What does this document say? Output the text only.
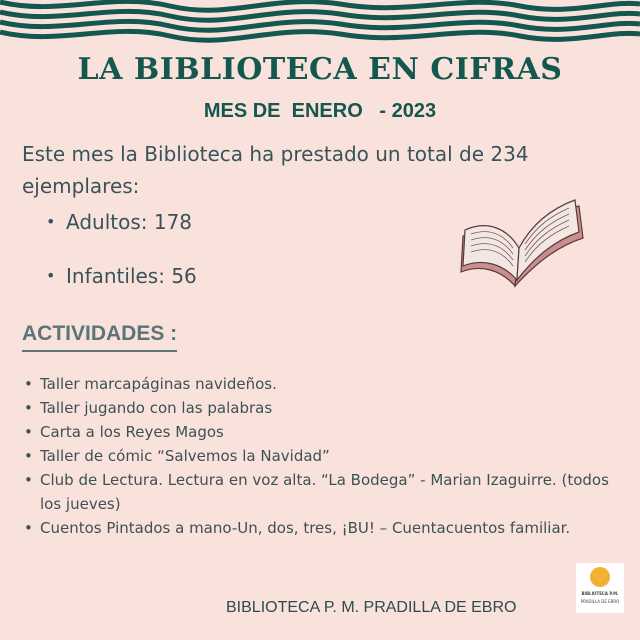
LA BIBLIOTECA EN CIFRAS
MES DE  ENERO   - 2023
Este mes la Biblioteca ha prestado un total de 234 ejemplares:
• Adultos: 178
• Infantiles: 56
ACTIVIDADES :
• Taller marcapáginas navideños.
• Taller jugando con las palabras
• Carta a los Reyes Magos
• Taller de cómic “Salvemos la Navidad”
• Club de Lectura. Lectura en voz alta. “La Bodega” - Marian Izaguirre. (todos los jueves)
• Cuentos Pintados a mano-Un, dos, tres, ¡BU! – Cuentacuentos familiar.
BIBLIOTECA P. M. PRADILLA DE EBRO
BIBLIOTECA P.M.
PRADILLA DE EBRO
